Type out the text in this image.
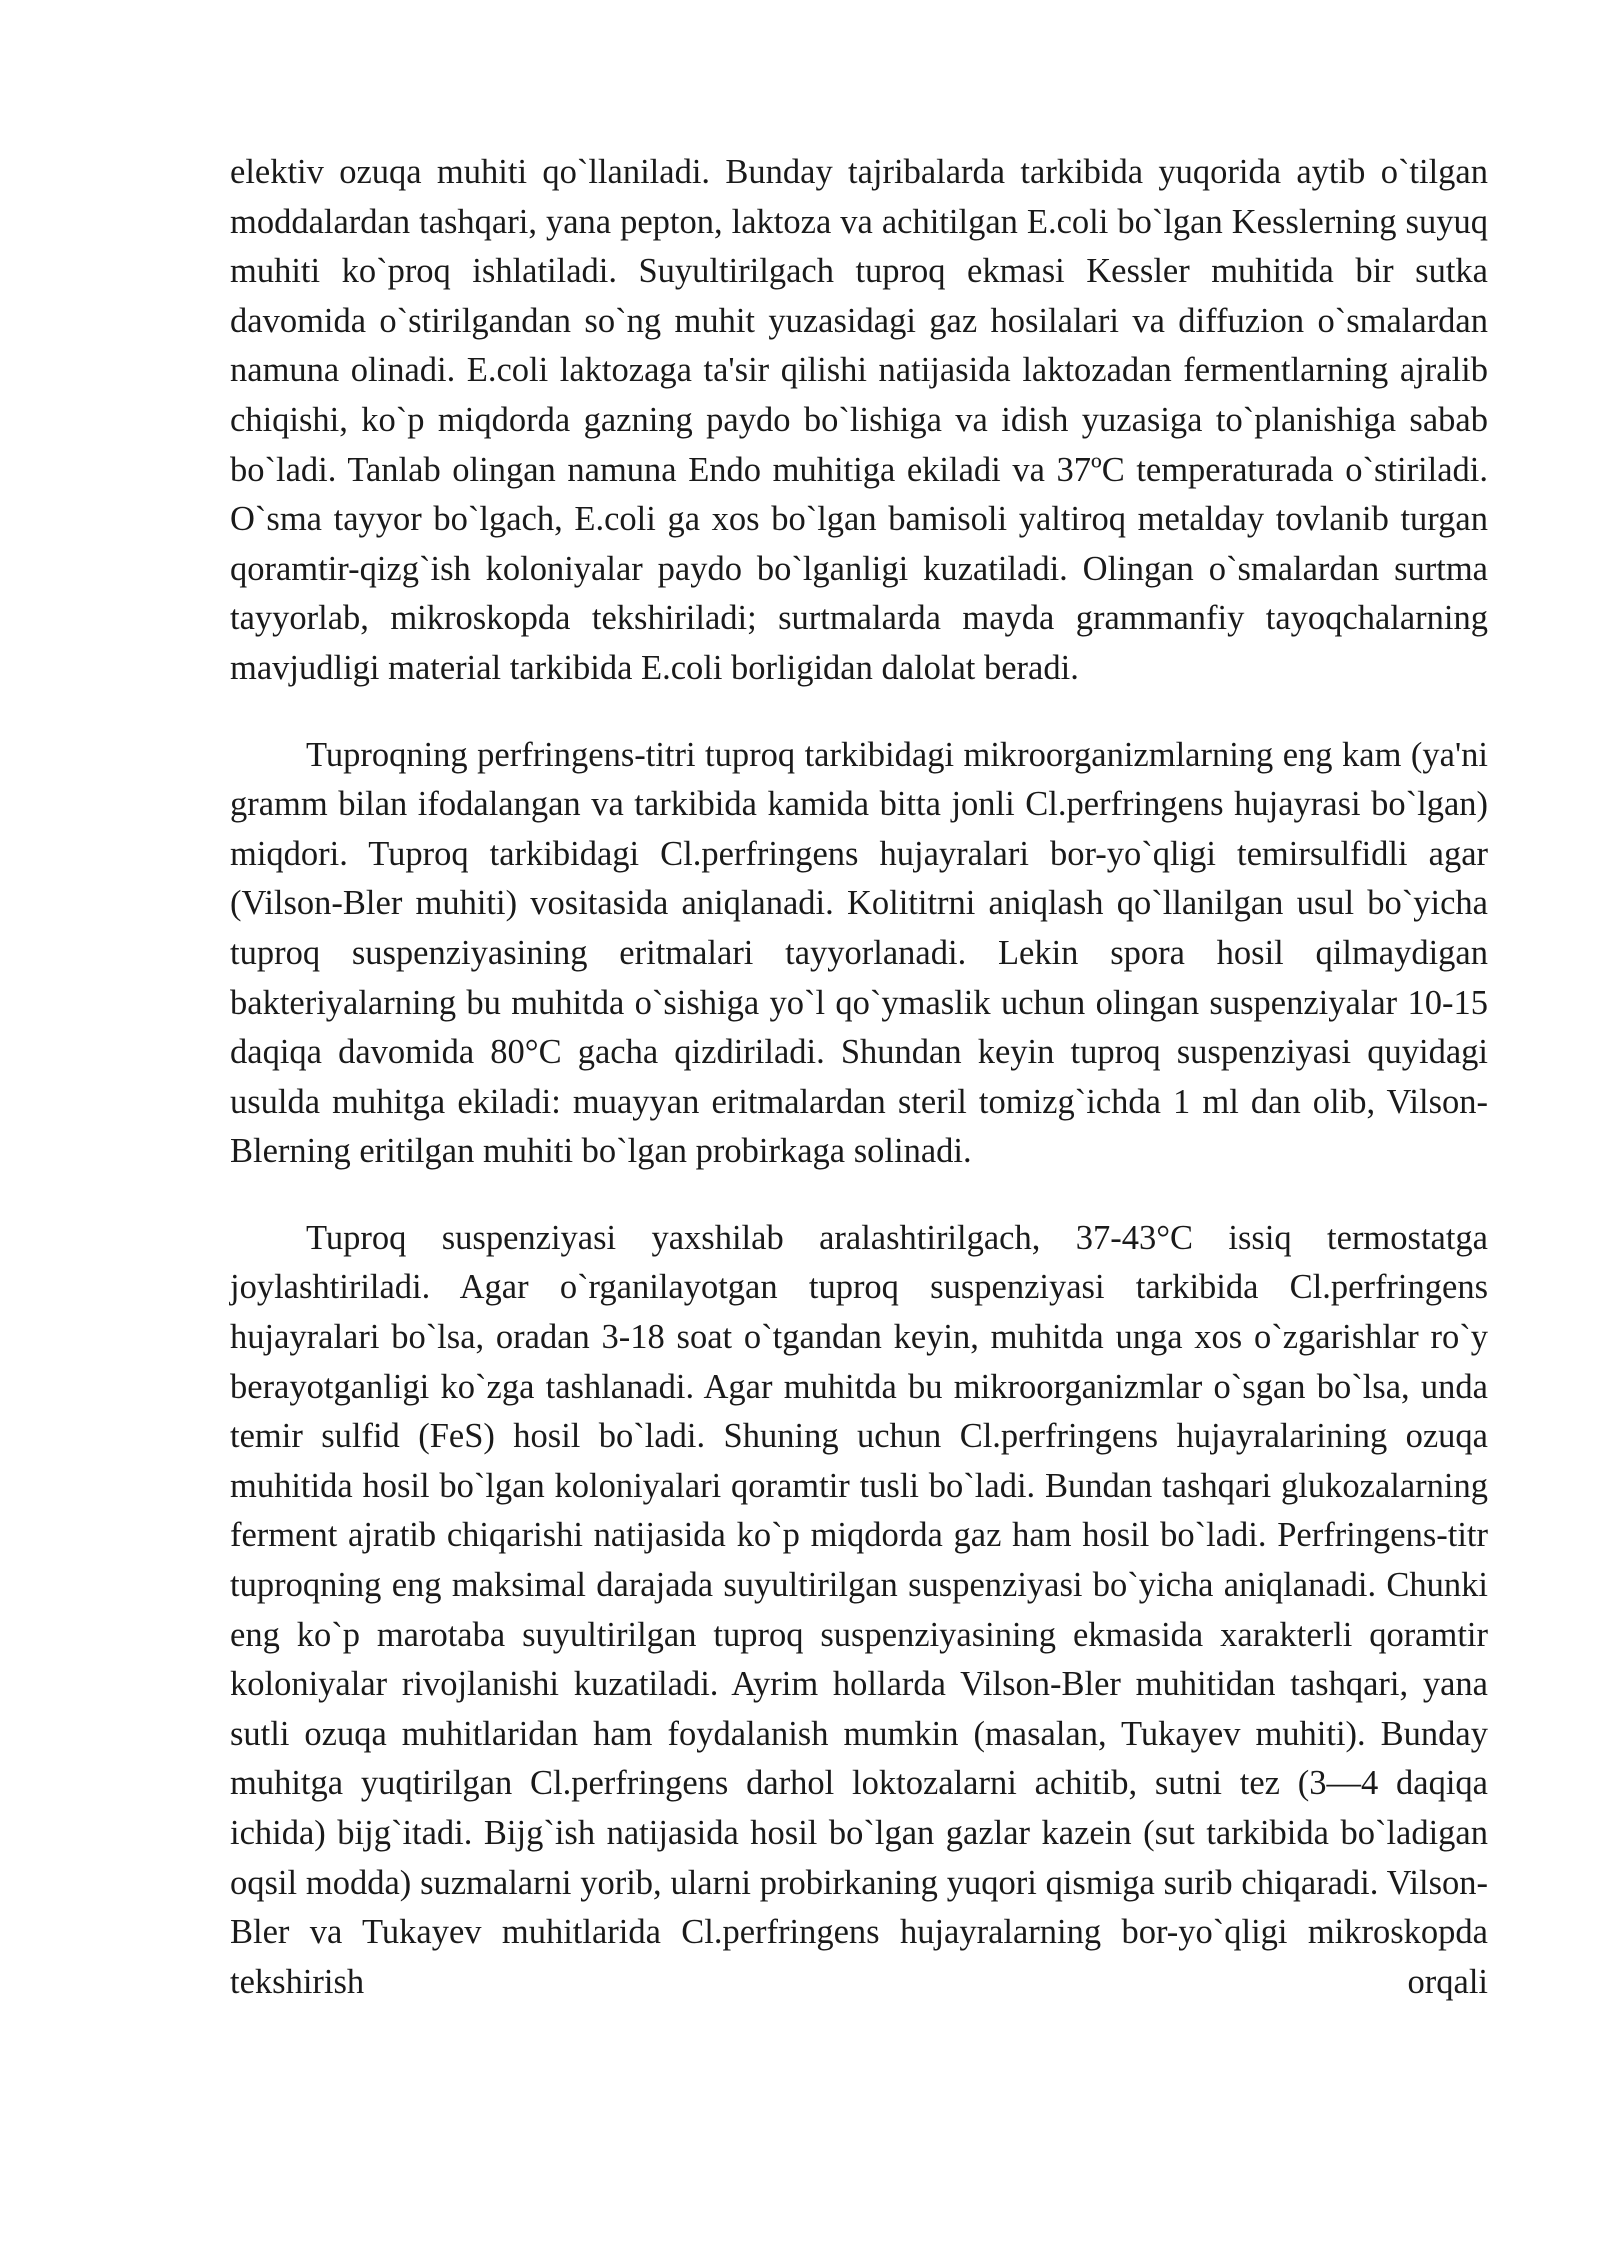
elektiv ozuqa muhiti qo`llaniladi. Bunday tajribalarda tarkibida yuqorida aytib o`tilgan moddalardan tashqari, yana pepton, laktoza va achitilgan E.coli bo`lgan Kesslerning suyuq muhiti ko`proq ishlatiladi. Suyultirilgach tuproq ekmasi Kessler muhitida bir sutka davomida o`stirilgandan so`ng muhit yuzasidagi gaz hosilalari va diffuzion o`smalardan namuna olinadi. E.coli laktozaga ta'sir qilishi natijasida laktozadan fermentlarning ajralib chiqishi, ko`p miqdorda gazning paydo bo`lishiga va idish yuzasiga to`planishiga sabab bo`ladi. Tanlab olingan namuna Endo muhitiga ekiladi va 37ºC temperaturada o`stiriladi. O`sma tayyor bo`lgach, E.coli ga xos bo`lgan bamisoli yaltiroq metalday tovlanib turgan qoramtir-qizg`ish koloniyalar paydo bo`lganligi kuzatiladi. Olingan o`smalardan surtma tayyorlab, mikroskopda tekshiriladi; surtmalarda mayda grammanfiy tayoqchalarning mavjudligi material tarkibida E.coli borligidan dalolat beradi.

Tuproqning perfringens-titri tuproq tarkibidagi mikroorganizmlarning eng kam (ya'ni gramm bilan ifodalangan va tarkibida kamida bitta jonli Cl.perfringens hujayrasi bo`lgan) miqdori. Tuproq tarkibidagi Cl.perfringens hujayralari bor-yo`qligi temirsulfidli agar (Vilson-Bler muhiti) vositasida aniqlanadi. Kolititrni aniqlash qo`llanilgan usul bo`yicha tuproq suspenziyasining eritmalari tayyorlanadi. Lekin spora hosil qilmaydigan bakteriyalarning bu muhitda o`sishiga yo`l qo`ymaslik uchun olingan suspenziyalar 10-15 daqiqa davomida 80°C gacha qizdiriladi. Shundan keyin tuproq suspenziyasi quyidagi usulda muhitga ekiladi: muayyan eritmalardan steril tomizg`ichda 1 ml dan olib, Vilson-Blerning eritilgan muhiti bo`lgan probirkaga solinadi.

Tuproq suspenziyasi yaxshilab aralashtirilgach, 37-43°C issiq termostatga joylashtiriladi. Agar o`rganilayotgan tuproq suspenziyasi tarkibida Cl.perfringens hujayralari bo`lsa, oradan 3-18 soat o`tgandan keyin, muhitda unga xos o`zgarishlar ro`y berayotganligi ko`zga tashlanadi. Agar muhitda bu mikroorganizmlar o`sgan bo`lsa, unda temir sulfid (FeS) hosil bo`ladi. Shuning uchun Cl.perfringens hujayralarining ozuqa muhitida hosil bo`lgan koloniyalari qoramtir tusli bo`ladi. Bundan tashqari glukozalarning ferment ajratib chiqarishi natijasida ko`p miqdorda gaz ham hosil bo`ladi. Perfringens-titr tuproqning eng maksimal darajada suyultirilgan suspenziyasi bo`yicha aniqlanadi. Chunki eng ko`p marotaba suyultirilgan tuproq suspenziyasining ekmasida xarakterli qoramtir koloniyalar rivojlanishi kuzatiladi. Ayrim hollarda Vilson-Bler muhitidan tashqari, yana sutli ozuqa muhitlaridan ham foydalanish mumkin (masalan, Tukayev muhiti). Bunday muhitga yuqtirilgan Cl.perfringens darhol loktozalarni achitib, sutni tez (3—4 daqiqa ichida) bijg`itadi. Bijg`ish natijasida hosil bo`lgan gazlar kazein (sut tarkibida bo`ladigan oqsil modda) suzmalarni yorib, ularni probirkaning yuqori qismiga surib chiqaradi. Vilson-Bler va Tukayev muhitlarida Cl.perfringens hujayralarning bor-yo`qligi mikroskopda tekshirish orqali
